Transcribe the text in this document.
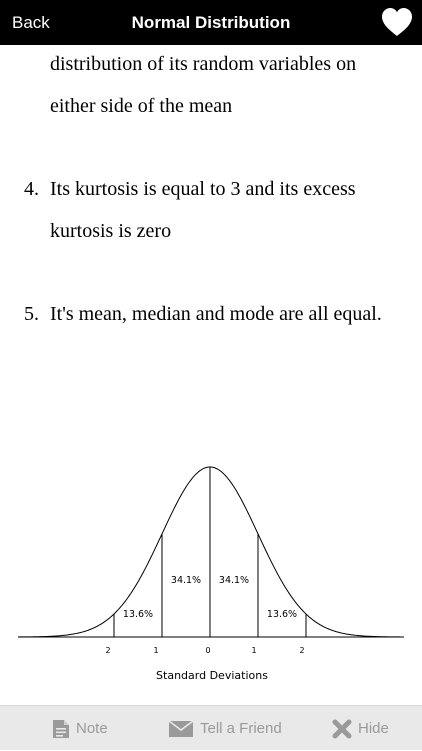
Back	Normal Distribution
distribution of its random variables on
either side of the mean
4. Its kurtosis is equal to 3 and its excess
kurtosis is zero
5. It's mean, median and mode are all equal.
13.6%
34.1% 34.1%
13.6%
2	1	0	1	2
Standard Deviations
Note	Tell a Friend	Hide
